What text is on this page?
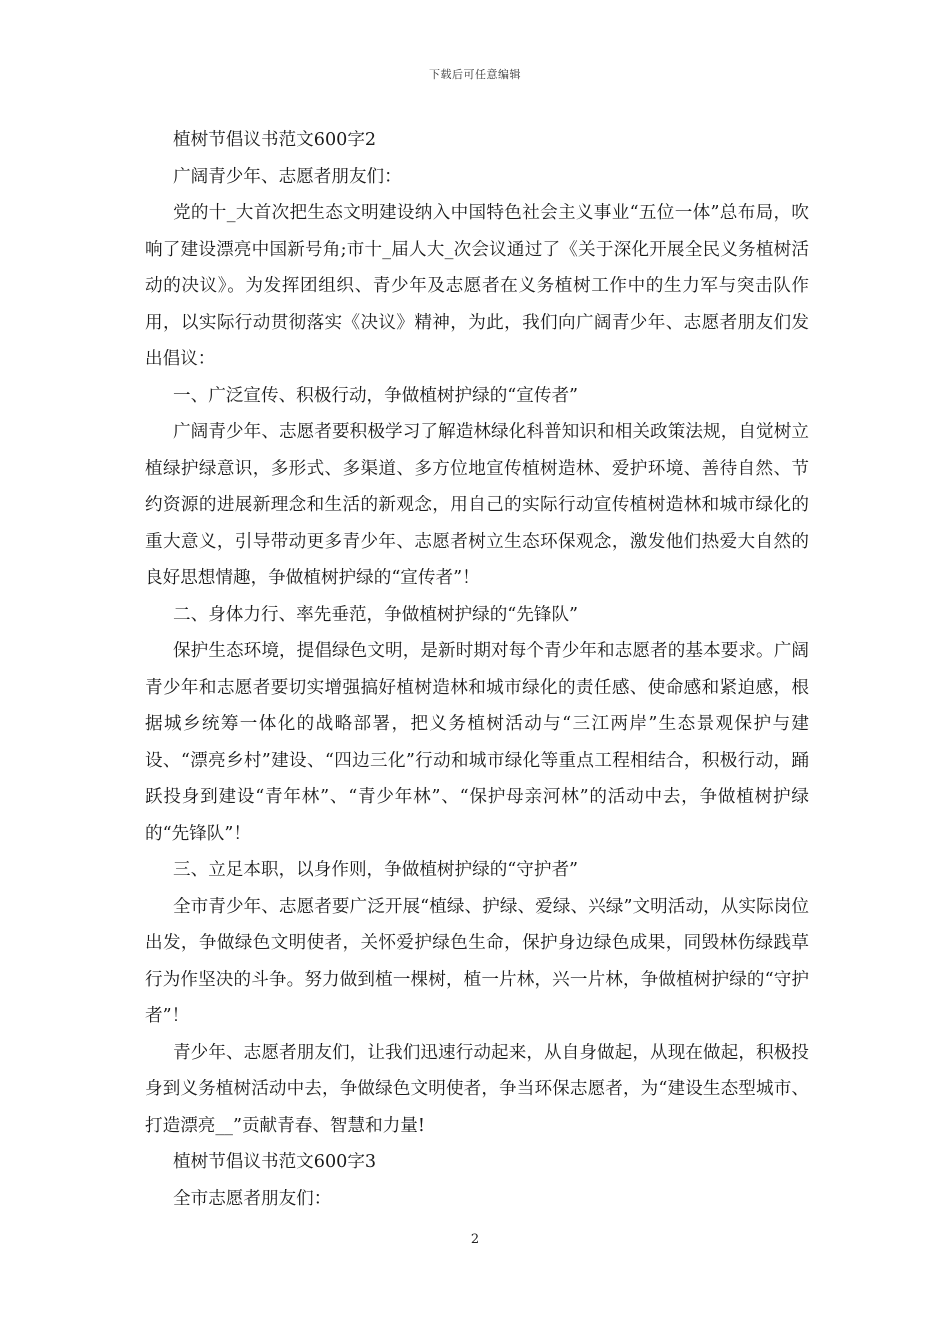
下载后可任意编辑

植树节倡议书范文600字2

广阔青少年、志愿者朋友们：

党的十_大首次把生态文明建设纳入中国特色社会主义事业“五位一体”总布局，吹响了建设漂亮中国新号角;市十_届人大_次会议通过了《关于深化开展全民义务植树活动的决议》。为发挥团组织、青少年及志愿者在义务植树工作中的生力军与突击队作用，以实际行动贯彻落实《决议》精神，为此，我们向广阔青少年、志愿者朋友们发出倡议：

一、广泛宣传、积极行动，争做植树护绿的“宣传者”

广阔青少年、志愿者要积极学习了解造林绿化科普知识和相关政策法规，自觉树立植绿护绿意识，多形式、多渠道、多方位地宣传植树造林、爱护环境、善待自然、节约资源的进展新理念和生活的新观念，用自己的实际行动宣传植树造林和城市绿化的重大意义，引导带动更多青少年、志愿者树立生态环保观念，激发他们热爱大自然的良好思想情趣，争做植树护绿的“宣传者”！

二、身体力行、率先垂范，争做植树护绿的“先锋队”

保护生态环境，提倡绿色文明，是新时期对每个青少年和志愿者的基本要求。广阔青少年和志愿者要切实增强搞好植树造林和城市绿化的责任感、使命感和紧迫感，根据城乡统筹一体化的战略部署，把义务植树活动与“三江两岸”生态景观保护与建设、“漂亮乡村”建设、“四边三化”行动和城市绿化等重点工程相结合，积极行动，踊跃投身到建设“青年林”、“青少年林”、“保护母亲河林”的活动中去，争做植树护绿的“先锋队”！

三、立足本职，以身作则，争做植树护绿的“守护者”

全市青少年、志愿者要广泛开展“植绿、护绿、爱绿、兴绿”文明活动，从实际岗位出发，争做绿色文明使者，关怀爱护绿色生命，保护身边绿色成果，同毁林伤绿践草行为作坚决的斗争。努力做到植一棵树，植一片林，兴一片林，争做植树护绿的“守护者”！

青少年、志愿者朋友们，让我们迅速行动起来，从自身做起，从现在做起，积极投身到义务植树活动中去，争做绿色文明使者，争当环保志愿者，为“建设生态型城市、打造漂亮__”贡献青春、智慧和力量!

植树节倡议书范文600字3

全市志愿者朋友们：

2
